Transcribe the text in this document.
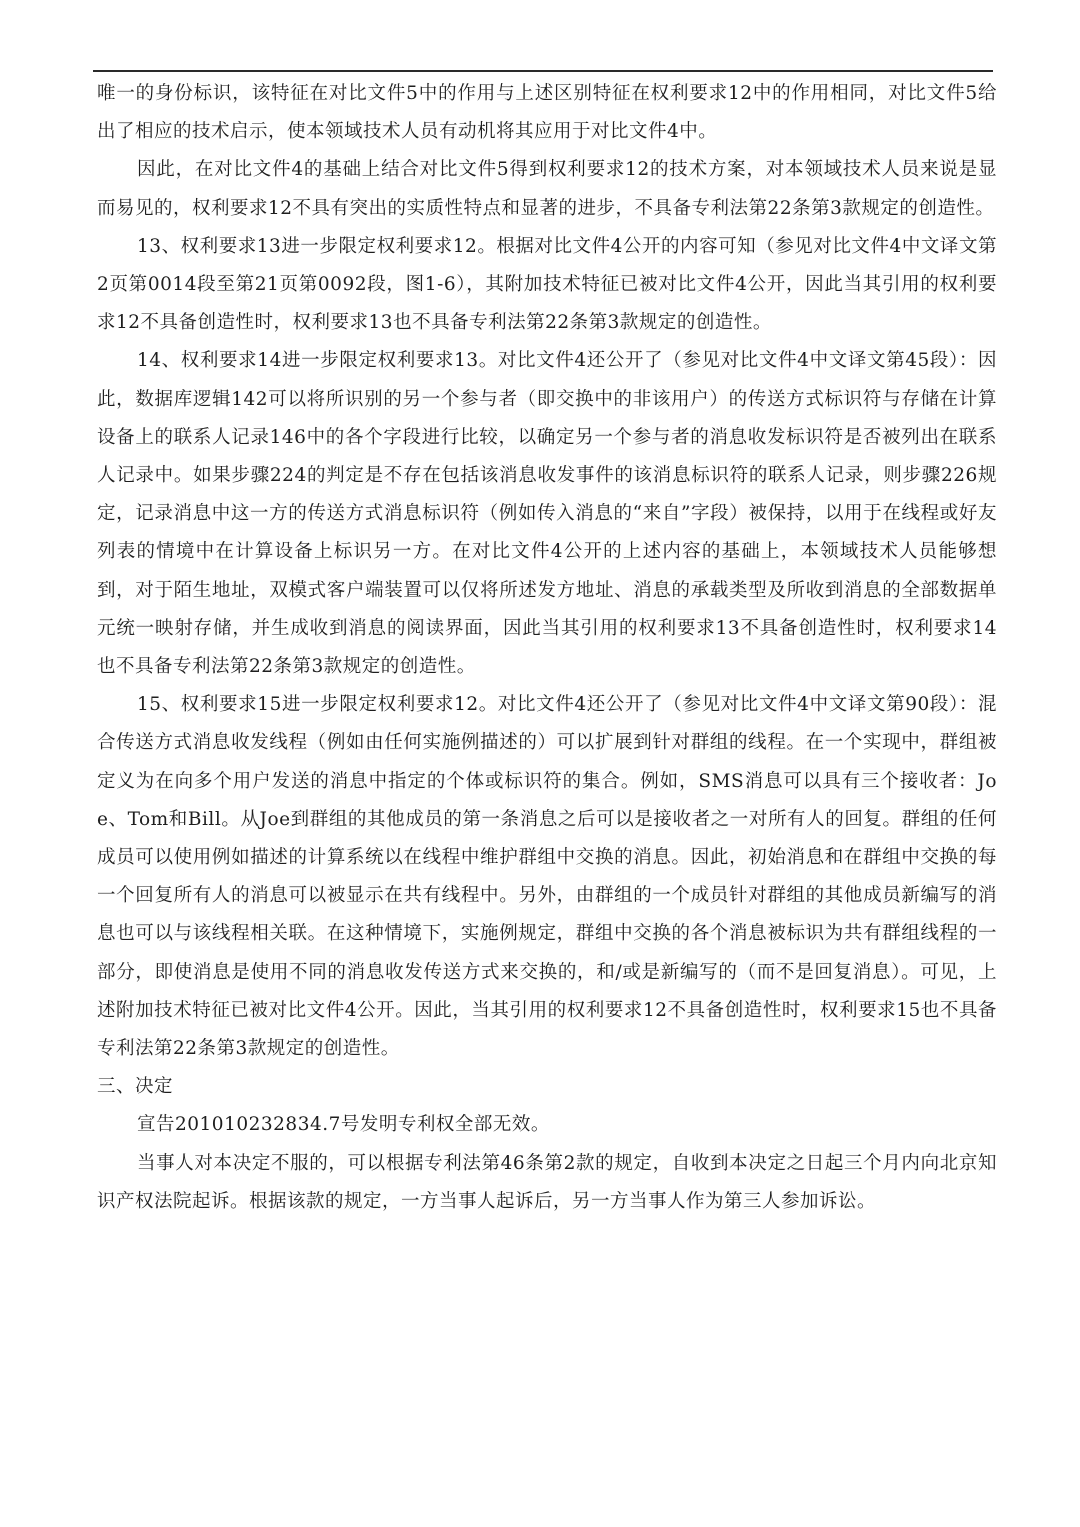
唯一的身份标识，该特征在对比文件5中的作用与上述区别特征在权利要求12中的作用相同，对比文件5给出了相应的技术启示，使本领域技术人员有动机将其应用于对比文件4中。

因此，在对比文件4的基础上结合对比文件5得到权利要求12的技术方案，对本领域技术人员来说是显而易见的，权利要求12不具有突出的实质性特点和显著的进步，不具备专利法第22条第3款规定的创造性。

13、权利要求13进一步限定权利要求12。根据对比文件4公开的内容可知（参见对比文件4中文译文第2页第0014段至第21页第0092段，图1-6），其附加技术特征已被对比文件4公开，因此当其引用的权利要求12不具备创造性时，权利要求13也不具备专利法第22条第3款规定的创造性。

14、权利要求14进一步限定权利要求13。对比文件4还公开了（参见对比文件4中文译文第45段）：因此，数据库逻辑142可以将所识别的另一个参与者（即交换中的非该用户）的传送方式标识符与存储在计算设备上的联系人记录146中的各个字段进行比较，以确定另一个参与者的消息收发标识符是否被列出在联系人记录中。如果步骤224的判定是不存在包括该消息收发事件的该消息标识符的联系人记录，则步骤226规定，记录消息中这一方的传送方式消息标识符（例如传入消息的“来自”字段）被保持，以用于在线程或好友列表的情境中在计算设备上标识另一方。在对比文件4公开的上述内容的基础上，本领域技术人员能够想到，对于陌生地址，双模式客户端装置可以仅将所述发方地址、消息的承载类型及所收到消息的全部数据单元统一映射存储，并生成收到消息的阅读界面，因此当其引用的权利要求13不具备创造性时，权利要求14也不具备专利法第22条第3款规定的创造性。

15、权利要求15进一步限定权利要求12。对比文件4还公开了（参见对比文件4中文译文第90段）：混合传送方式消息收发线程（例如由任何实施例描述的）可以扩展到针对群组的线程。在一个实现中，群组被定义为在向多个用户发送的消息中指定的个体或标识符的集合。例如，SMS消息可以具有三个接收者：Joe、Tom和Bill。从Joe到群组的其他成员的第一条消息之后可以是接收者之一对所有人的回复。群组的任何成员可以使用例如描述的计算系统以在线程中维护群组中交换的消息。因此，初始消息和在群组中交换的每一个回复所有人的消息可以被显示在共有线程中。另外，由群组的一个成员针对群组的其他成员新编写的消息也可以与该线程相关联。在这种情境下，实施例规定，群组中交换的各个消息被标识为共有群组线程的一部分，即使消息是使用不同的消息收发传送方式来交换的，和/或是新编写的（而不是回复消息）。可见，上述附加技术特征已被对比文件4公开。因此，当其引用的权利要求12不具备创造性时，权利要求15也不具备专利法第22条第3款规定的创造性。

三、决定

宣告201010232834.7号发明专利权全部无效。

当事人对本决定不服的，可以根据专利法第46条第2款的规定，自收到本决定之日起三个月内向北京知识产权法院起诉。根据该款的规定，一方当事人起诉后，另一方当事人作为第三人参加诉讼。
